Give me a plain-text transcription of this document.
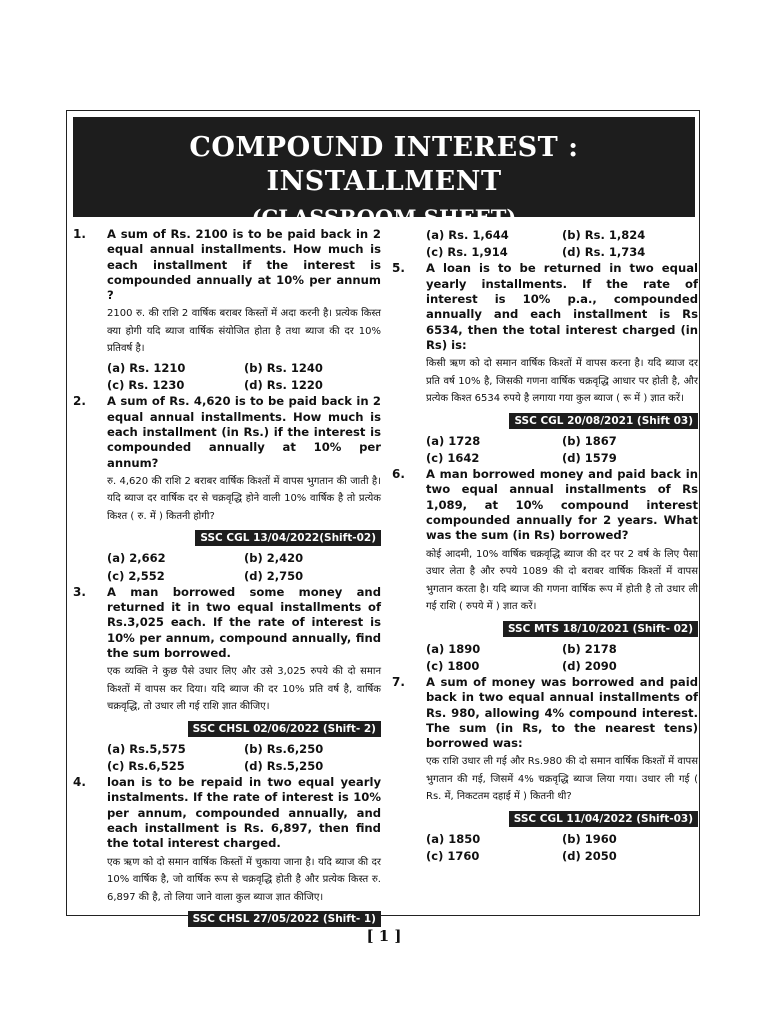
COMPOUND INTEREST : INSTALLMENT
(CLASSROOM SHEET)
1.	A sum of Rs. 2100 is to be paid back in 2 equal annual installments. How much is each installment if the interest is compounded annually at 10% per annum ?
2100 रु. की राशि 2 वार्षिक बराबर किस्तों में अदा करनी है। प्रत्येक किस्त क्या होगी यदि ब्याज वार्षिक संयोजित होता है तथा ब्याज की दर 10% प्रतिवर्ष है।
(a) Rs. 1210	(b) Rs. 1240
(c) Rs. 1230	(d) Rs. 1220
2.	A sum of Rs. 4,620 is to be paid back in 2 equal annual installments. How much is each installment (in Rs.) if the interest is compounded annually at 10% per annum?
रु. 4,620 की राशि 2 बराबर वार्षिक किश्तों में वापस भुगतान की जाती है। यदि ब्याज दर वार्षिक दर से चक्रवृद्धि होने वाली 10% वार्षिक है तो प्रत्येक किश्त ( रु. में ) कितनी होगी?
SSC CGL 13/04/2022(Shift-02)
(a) 2,662	(b) 2,420
(c) 2,552	(d) 2,750
3.	A man borrowed some money and returned it in two equal installments of Rs.3,025 each. If the rate of interest is 10% per annum, compound annually, find the sum borrowed.
एक व्यक्ति ने कुछ पैसे उधार लिए और उसे 3,025 रुपये की दो समान किश्तों में वापस कर दिया। यदि ब्याज की दर 10% प्रति वर्ष है, वार्षिक चक्रवृद्धि, तो उधार ली गई राशि ज्ञात कीजिए।
SSC CHSL 02/06/2022 (Shift- 2)
(a) Rs.5,575	(b) Rs.6,250
(c) Rs.6,525	(d) Rs.5,250
4.	loan is to be repaid in two equal yearly instalments. If the rate of interest is 10% per annum, compounded annually, and each installment is Rs. 6,897, then find the total interest charged.
एक ऋण को दो समान वार्षिक किस्तों में चुकाया जाना है। यदि ब्याज की दर 10% वार्षिक है, जो वार्षिक रूप से चक्रवृद्धि होती है और प्रत्येक किस्त रु. 6,897 की है, तो लिया जाने वाला कुल ब्याज ज्ञात कीजिए।
SSC CHSL 27/05/2022 (Shift- 1)
(a) Rs. 1,644	(b) Rs. 1,824
(c) Rs. 1,914	(d) Rs. 1,734
5.	A loan is to be returned in two equal yearly installments. If the rate of interest is 10% p.a., compounded annually and each installment is Rs 6534, then the total interest charged (in Rs) is:
किसी ऋण को दो समान वार्षिक किश्तों में वापस करना है। यदि ब्याज दर प्रति वर्ष 10% है, जिसकी गणना वार्षिक चक्रवृद्धि आधार पर होती है, और प्रत्येक किश्त 6534 रुपये है लगाया गया कुल ब्याज ( रू में ) ज्ञात करें।
SSC CGL 20/08/2021 (Shift 03)
(a) 1728	(b) 1867
(c) 1642	(d) 1579
6.	A man borrowed money and paid back in two equal annual installments of Rs 1,089, at 10% compound interest compounded annually for 2 years. What was the sum (in Rs) borrowed?
कोई आदमी, 10% वार्षिक चक्रवृद्धि ब्याज की दर पर 2 वर्ष के लिए पैसा उधार लेता है और रुपये 1089 की दो बराबर वार्षिक किश्तों में वापस भुगतान करता है। यदि ब्याज की गणना वार्षिक रूप में होती है तो उधार ली गई राशि ( रुपये में ) ज्ञात करें।
SSC MTS 18/10/2021 (Shift- 02)
(a) 1890	(b) 2178
(c) 1800	(d) 2090
7.	A sum of money was borrowed and paid back in two equal annual installments of Rs. 980, allowing 4% compound interest. The sum (in Rs, to the nearest tens) borrowed was:
एक राशि उधार ली गई और Rs.980 की दो समान वार्षिक किश्तों में वापस भुगतान की गई, जिसमें 4% चक्रवृद्धि ब्याज लिया गया। उधार ली गई ( Rs. में, निकटतम दहाई में ) कितनी थी?
SSC CGL 11/04/2022 (Shift-03)
(a) 1850	(b) 1960
(c) 1760	(d) 2050
[ 1 ]
